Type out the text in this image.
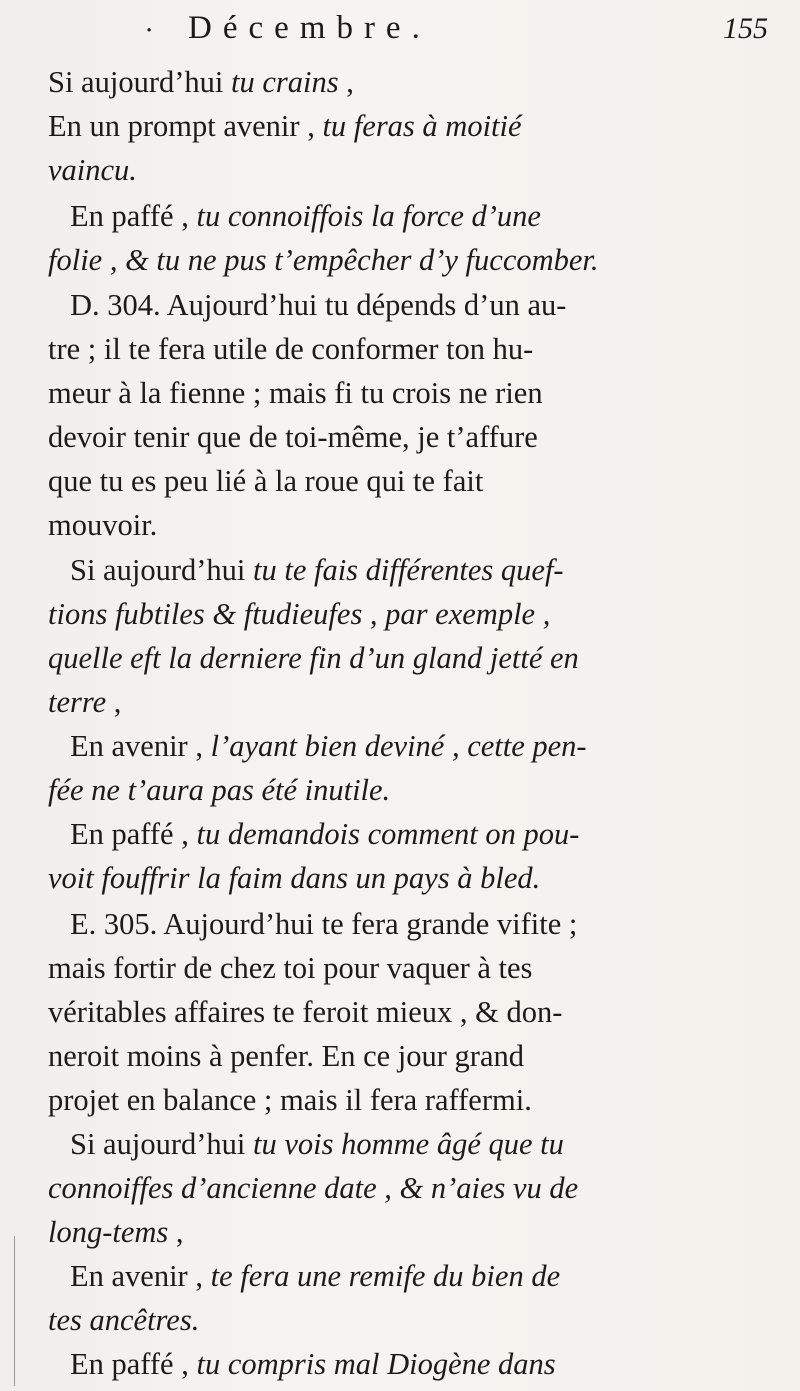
· Décembre.	155
Si aujourd’hui tu crains ,
En un prompt avenir , tu feras à moitié
vaincu.
En paffé , tu connoiffois la force d’une
folie , & tu ne pus t’empêcher d’y fuccomber.
D. 304. Aujourd’hui tu dépends d’un au-
tre ; il te fera utile de conformer ton hu-
meur à la fienne ; mais fi tu crois ne rien
devoir tenir que de toi-même, je t’affure
que tu es peu lié à la roue qui te fait
mouvoir.
Si aujourd’hui tu te fais différentes quef-
tions fubtiles & ftudieufes , par exemple ,
quelle eft la derniere fin d’un gland jetté en
terre ,
En avenir , l’ayant bien deviné , cette pen-
fée ne t’aura pas été inutile.
En paffé , tu demandois comment on pou-
voit fouffrir la faim dans un pays à bled.
E. 305. Aujourd’hui te fera grande vifite ;
mais fortir de chez toi pour vaquer à tes
véritables affaires te feroit mieux , & don-
neroit moins à penfer. En ce jour grand
projet en balance ; mais il fera raffermi.
Si aujourd’hui tu vois homme âgé que tu
connoiffes d’ancienne date , & n’aies vu de
long-tems ,
En avenir , te fera une remife du bien de
tes ancêtres.
En paffé , tu compris mal Diogène dans
